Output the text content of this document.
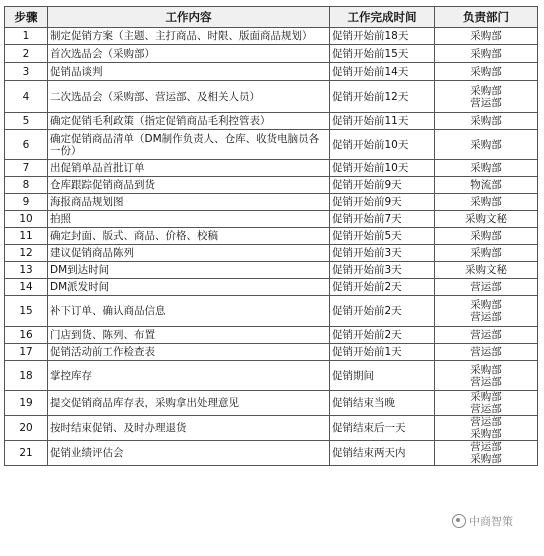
步骤	工作内容	工作完成时间	负责部门
1	制定促销方案（主题、主打商品、时限、版面商品规划）	促销开始前18天	采购部

2	首次选品会（采购部）	促销开始前15天	采购部

3	促销品谈判	促销开始前14天	采购部

4	二次选品会（采购部、营运部、及相关人员）	促销开始前12天	采购部
营运部

5	确定促销毛利政策（指定促销商品毛利控管表）	促销开始前11天	采购部

6	确定促销商品清单（DM制作负责人、仓库、收货电脑员各一份）	促销开始前10天	采购部

7	出促销单品首批订单	促销开始前10天	采购部

8	仓库跟踪促销商品到货	促销开始前9天	物流部

9	海报商品规划图	促销开始前9天	采购部

10	拍照	促销开始前7天	采购文秘

11	确定封面、版式、商品、价格、校稿	促销开始前5天	采购部

12	建议促销商品陈列	促销开始前3天	采购部

13	DM到达时间	促销开始前3天	采购文秘

14	DM派发时间	促销开始前2天	营运部

15	补下订单、确认商品信息	促销开始前2天	采购部
营运部

16	门店到货、陈列、布置	促销开始前2天	营运部

17	促销活动前工作检查表	促销开始前1天	营运部

18	掌控库存	促销期间	采购部
营运部

19	提交促销商品库存表，采购拿出处理意见	促销结束当晚	采购部
营运部

20	按时结束促销、及时办理退货	促销结束后一天	营运部
采购部

21	促销业绩评估会	促销结束两天内	营运部
采购部
中商智策
